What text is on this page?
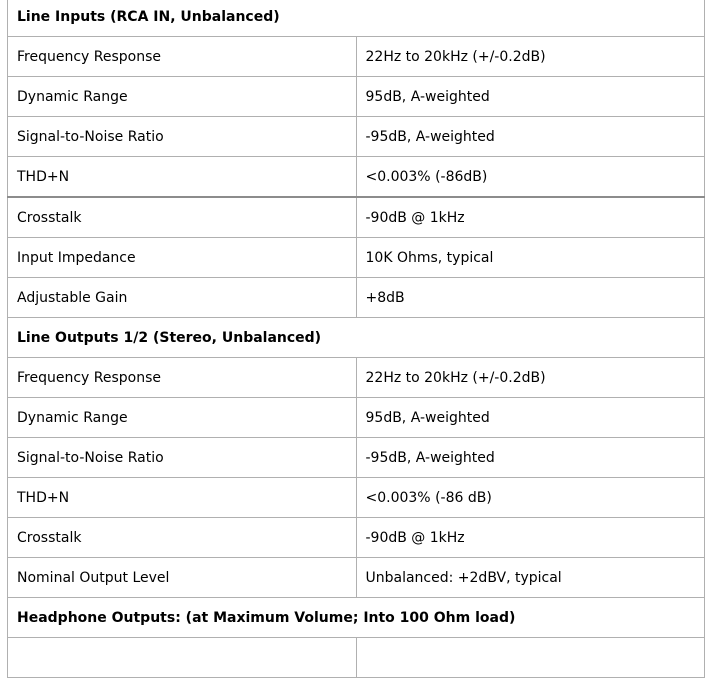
Line Inputs (RCA IN, Unbalanced)	
Frequency Response	22Hz to 20kHz (+/-0.2dB)
Dynamic Range	95dB, A-weighted
Signal-to-Noise Ratio	-95dB, A-weighted
THD+N	<0.003% (-86dB)
Crosstalk	-90dB @ 1kHz
Input Impedance	10K Ohms, typical
Adjustable Gain	+8dB
Line Outputs 1/2 (Stereo, Unbalanced)	
Frequency Response	22Hz to 20kHz (+/-0.2dB)
Dynamic Range	95dB, A-weighted
Signal-to-Noise Ratio	-95dB, A-weighted
THD+N	<0.003% (-86 dB)
Crosstalk	-90dB @ 1kHz
Nominal Output Level	Unbalanced: +2dBV, typical
Headphone Outputs: (at Maximum Volume; Into 100 Ohm load)	
